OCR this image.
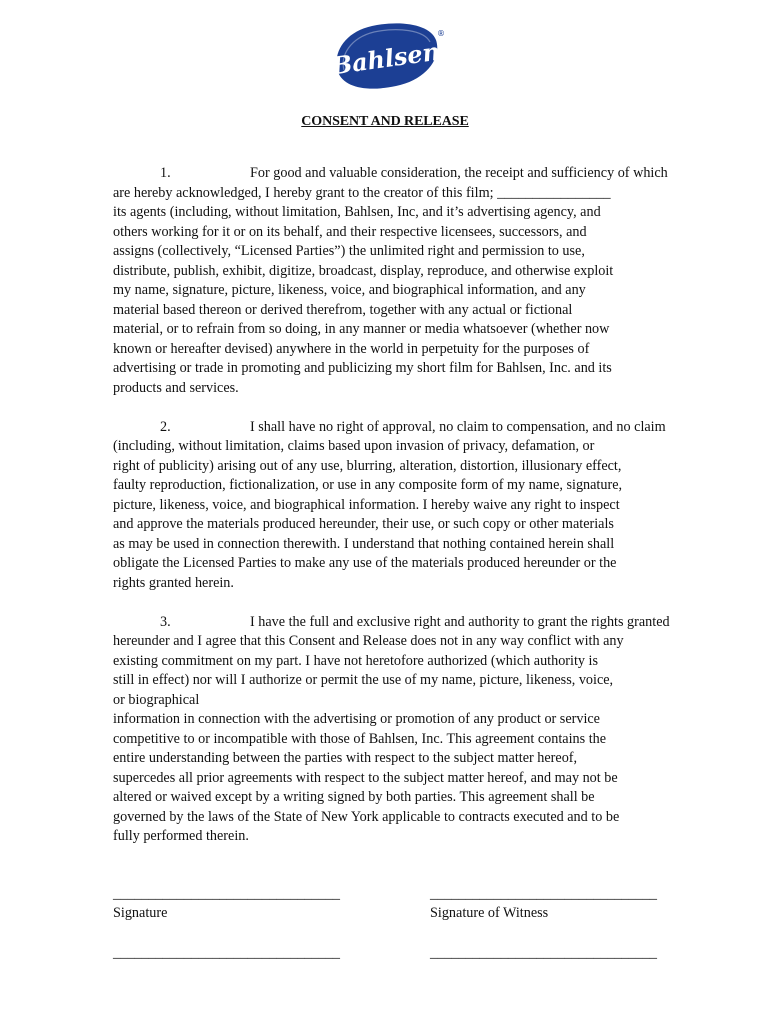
Bahlsen
®
CONSENT AND RELEASE
1.	For good and valuable consideration, the receipt and sufficiency of which
are hereby acknowledged, I hereby grant to the creator of this film; ________________
its agents (including, without limitation, Bahlsen, Inc, and it’s advertising agency, and
others working for it or on its behalf, and their respective licensees, successors, and
assigns (collectively, “Licensed Parties”) the unlimited right and permission to use,
distribute, publish, exhibit, digitize, broadcast, display, reproduce, and otherwise exploit
my name, signature, picture, likeness, voice, and biographical information, and any
material based thereon or derived therefrom, together with any actual or fictional
material, or to refrain from so doing, in any manner or media whatsoever (whether now
known or hereafter devised) anywhere in the world in perpetuity for the purposes of
advertising or trade in promoting and publicizing my short film for Bahlsen, Inc. and its
products and services.
2.	I shall have no right of approval, no claim to compensation, and no claim
(including, without limitation, claims based upon invasion of privacy, defamation, or
right of publicity) arising out of any use, blurring, alteration, distortion, illusionary effect,
faulty reproduction, fictionalization, or use in any composite form of my name, signature,
picture, likeness, voice, and biographical information. I hereby waive any right to inspect
and approve the materials produced hereunder, their use, or such copy or other materials
as may be used in connection therewith. I understand that nothing contained herein shall
obligate the Licensed Parties to make any use of the materials produced hereunder or the
rights granted herein.
3.	I have the full and exclusive right and authority to grant the rights granted
hereunder and I agree that this Consent and Release does not in any way conflict with any
existing commitment on my part. I have not heretofore authorized (which authority is
still in effect) nor will I authorize or permit the use of my name, picture, likeness, voice,
or biographical
information in connection with the advertising or promotion of any product or service
competitive to or incompatible with those of Bahlsen, Inc. This agreement contains the
entire understanding between the parties with respect to the subject matter hereof,
supercedes all prior agreements with respect to the subject matter hereof, and may not be
altered or waived except by a writing signed by both parties. This agreement shall be
governed by the laws of the State of New York applicable to contracts executed and to be
fully performed therein.
________________________________
Signature
________________________________
Signature of Witness
________________________________	________________________________
